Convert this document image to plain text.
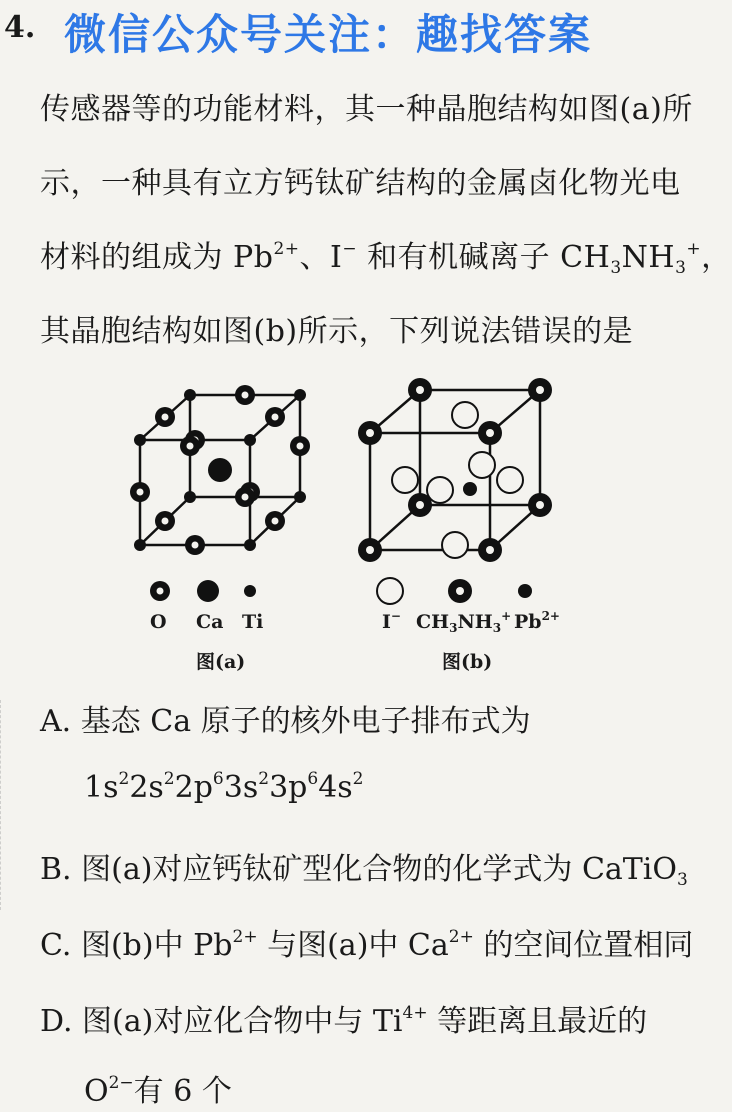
4. 微信公众号关注：趣找答案
传感器等的功能材料，其一种晶胞结构如图(a)所
示，一种具有立方钙钛矿结构的金属卤化物光电
材料的组成为 $Pb^{2+}$、I− 和有机碱离子 $CH_3NH_3^+$，
其晶胞结构如图(b)所示，下列说法错误的是
O Ca Ti	I− $CH_3NH_3^+$ $Pb^{2+}$
图(a)	图(b)
A. 基态 Ca 原子的核外电子排布式为
$1s^22s^22p^63s^23p^64s^2$
B. 图(a)对应钙钛矿型化合物的化学式为 CaTiO$_3$
C. 图(b)中 $Pb^{2+}$ 与图(a)中 $Ca^{2+}$ 的空间位置相同
D. 图(a)对应化合物中与 $Ti^{4+}$ 等距离且最近的
$O^{2-}$有 6 个
